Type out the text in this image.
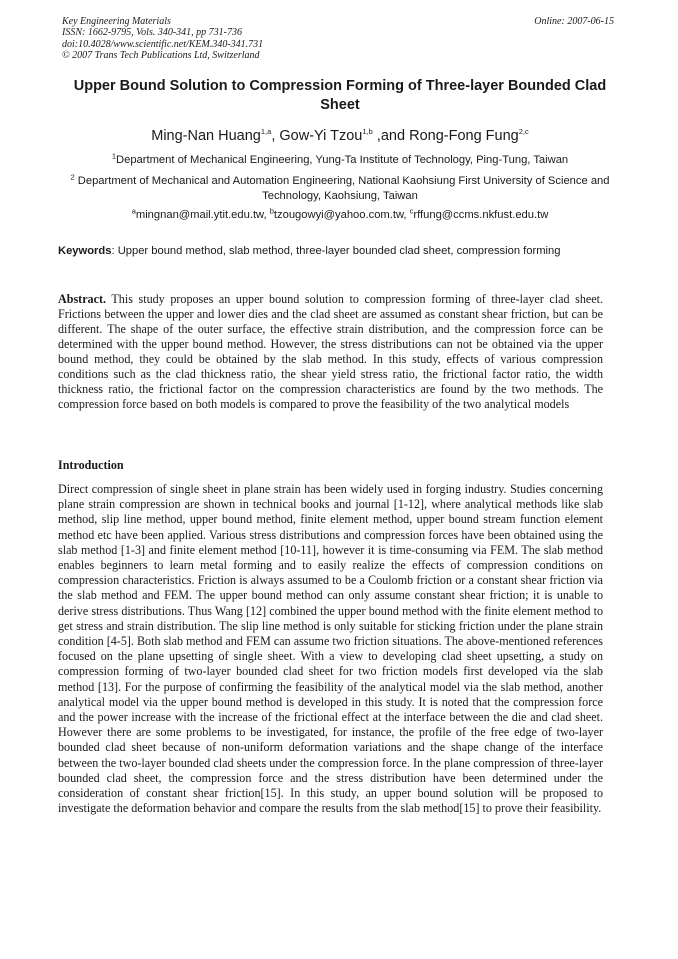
Key Engineering Materials
ISSN: 1662-9795, Vols. 340-341, pp 731-736
doi:10.4028/www.scientific.net/KEM.340-341.731
© 2007 Trans Tech Publications Ltd, Switzerland
Online: 2007-06-15
Upper Bound Solution to Compression Forming of Three-layer Bounded Clad Sheet
Ming-Nan Huang$^{1,a}$, Gow-Yi Tzou$^{1,b}$ ,and Rong-Fong Fung$^{2,c}$
$^1$Department of Mechanical Engineering, Yung-Ta Institute of Technology, Ping-Tung, Taiwan
$^2$ Department of Mechanical and Automation Engineering, National Kaohsiung First University of Science and Technology, Kaohsiung, Taiwan
$^a$mingnan@mail.ytit.edu.tw, $^b$tzougowyi@yahoo.com.tw, $^c$rffung@ccms.nkfust.edu.tw
Keywords: Upper bound method, slab method, three-layer bounded clad sheet, compression forming
Abstract. This study proposes an upper bound solution to compression forming of three-layer clad sheet. Frictions between the upper and lower dies and the clad sheet are assumed as constant shear friction, but can be different. The shape of the outer surface, the effective strain distribution, and the compression force can be determined with the upper bound method. However, the stress distributions can not be obtained via the upper bound method, they could be obtained by the slab method. In this study, effects of various compression conditions such as the clad thickness ratio, the shear yield stress ratio, the frictional factor ratio, the width thickness ratio, the frictional factor on the compression characteristics are found by the two methods. The compression force based on both models is compared to prove the feasibility of the two analytical models
Introduction
Direct compression of single sheet in plane strain has been widely used in forging industry. Studies concerning plane strain compression are shown in technical books and journal [1-12], where analytical methods like slab method, slip line method, upper bound method, finite element method, upper bound stream function element method etc have been applied. Various stress distributions and compression forces have been obtained using the slab method [1-3] and finite element method [10-11], however it is time-consuming via FEM. The slab method enables beginners to learn metal forming and to easily realize the effects of compression conditions on compression characteristics. Friction is always assumed to be a Coulomb friction or a constant shear friction via the slab method and FEM. The upper bound method can only assume constant shear friction; it is unable to derive stress distributions. Thus Wang [12] combined the upper bound method with the finite element method to get stress and strain distribution. The slip line method is only suitable for sticking friction under the plane strain condition [4-5]. Both slab method and FEM can assume two friction situations. The above-mentioned references focused on the plane upsetting of single sheet. With a view to developing clad sheet upsetting, a study on compression forming of two-layer bounded clad sheet for two friction models first developed via the slab method [13]. For the purpose of confirming the feasibility of the analytical model via the slab method, another analytical model via the upper bound method is developed in this study. It is noted that the compression force and the power increase with the increase of the frictional effect at the interface between the die and clad sheet. However there are some problems to be investigated, for instance, the profile of the free edge of two-layer bounded clad sheet because of non-uniform deformation variations and the shape change of the interface between the two-layer bounded clad sheets under the compression force. In the plane compression of three-layer bounded clad sheet, the compression force and the stress distribution have been determined under the consideration of constant shear friction[15]. In this study, an upper bound solution will be proposed to investigate the deformation behavior and compare the results from the slab method[15] to prove their feasibility.
